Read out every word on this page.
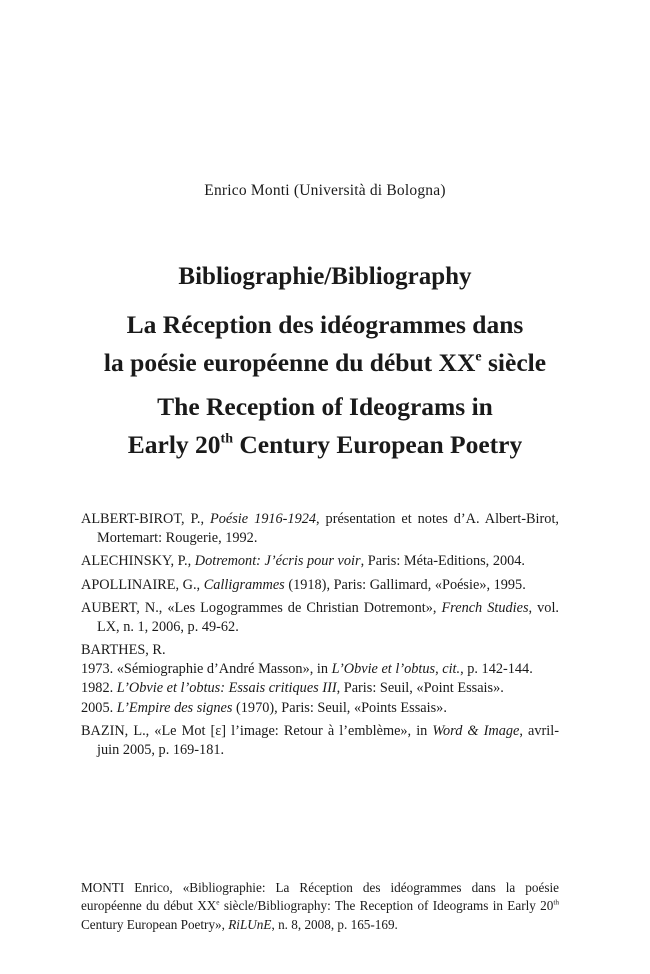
Enrico Monti (Università di Bologna)
Bibliographie/Bibliography
La Réception des idéogrammes dans
la poésie européenne du début XXe siècle
The Reception of Ideograms in
Early 20th Century European Poetry
ALBERT-BIROT, P., Poésie 1916-1924, présentation et notes d’A. Albert-Birot, Mortemart: Rougerie, 1992.
ALECHINSKY, P., Dotremont: J’écris pour voir, Paris: Méta-Editions, 2004.
APOLLINAIRE, G., Calligrammes (1918), Paris: Gallimard, «Poésie», 1995.
AUBERT, N., «Les Logogrammes de Christian Dotremont», French Studies, vol. LX, n. 1, 2006, p. 49-62.
BARTHES, R.
1973. «Sémiographie d’André Masson», in L’Obvie et l’obtus, cit., p. 142-144.
1982. L’Obvie et l’obtus: Essais critiques III, Paris: Seuil, «Point Essais».
2005. L’Empire des signes (1970), Paris: Seuil, «Points Essais».
BAZIN, L., «Le Mot [ε] l’image: Retour à l’emblème», in Word & Image, avril-juin 2005, p. 169-181.
MONTI Enrico, «Bibliographie: La Réception des idéogrammes dans la poésie européenne du début XXe siècle/Bibliography: The Reception of Ideograms in Early 20th Century European Poetry», RiLUnE, n. 8, 2008, p. 165-169.
